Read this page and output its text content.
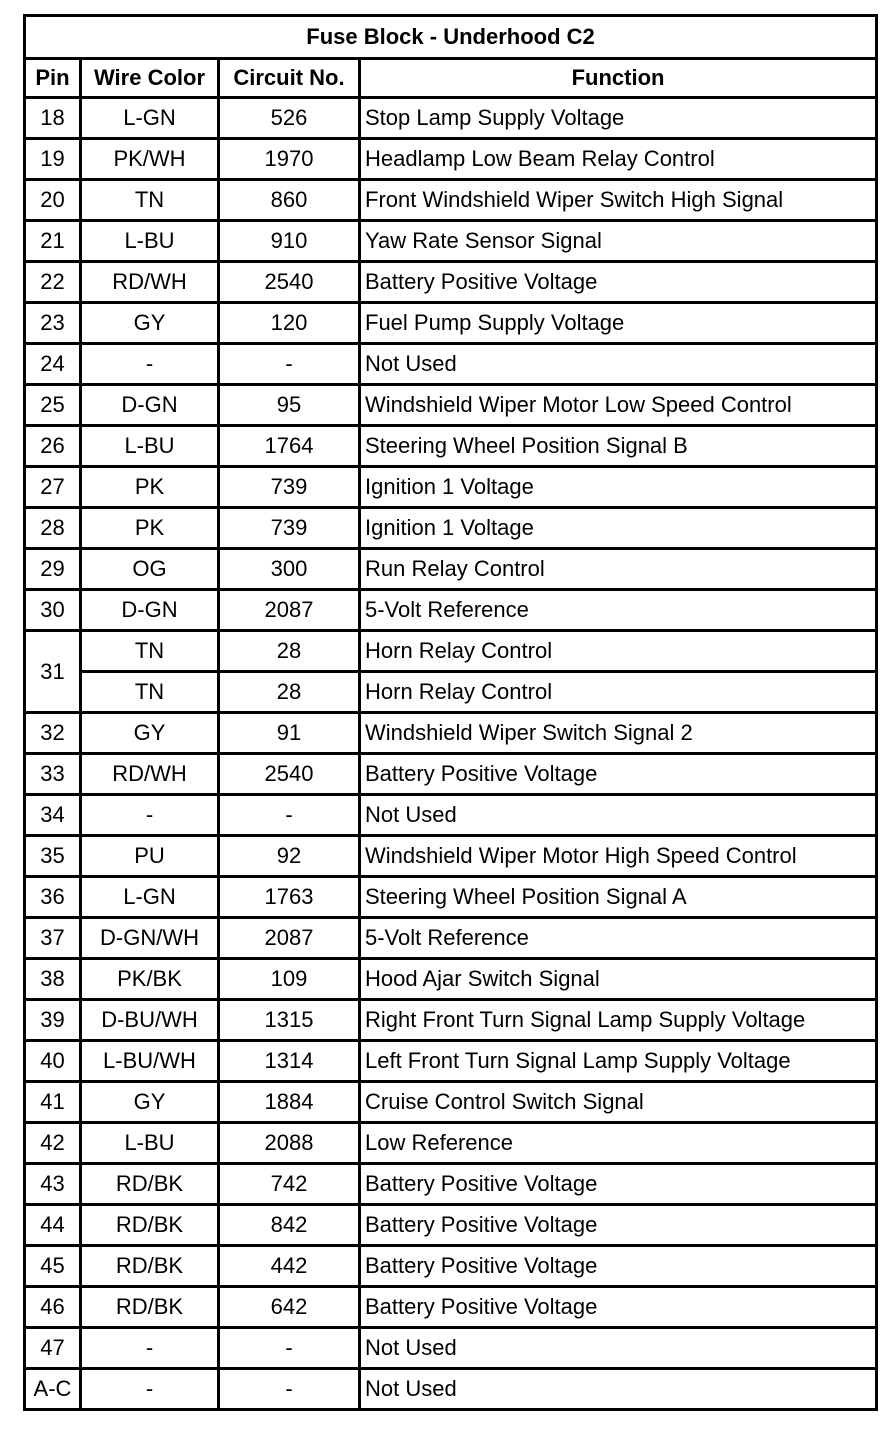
Fuse Block - Underhood C2			
Pin	Wire Color	Circuit No.	Function
18	L-GN	526	Stop Lamp Supply Voltage
19	PK/WH	1970	Headlamp Low Beam Relay Control
20	TN	860	Front Windshield Wiper Switch High Signal
21	L-BU	910	Yaw Rate Sensor Signal
22	RD/WH	2540	Battery Positive Voltage
23	GY	120	Fuel Pump Supply Voltage
24	-	-	Not Used
25	D-GN	95	Windshield Wiper Motor Low Speed Control
26	L-BU	1764	Steering Wheel Position Signal B
27	PK	739	Ignition 1 Voltage
28	PK	739	Ignition 1 Voltage
29	OG	300	Run Relay Control
30	D-GN	2087	5-Volt Reference
31	TN	28	Horn Relay Control
	TN	28	Horn Relay Control
32	GY	91	Windshield Wiper Switch Signal 2
33	RD/WH	2540	Battery Positive Voltage
34	-	-	Not Used
35	PU	92	Windshield Wiper Motor High Speed Control
36	L-GN	1763	Steering Wheel Position Signal A
37	D-GN/WH	2087	5-Volt Reference
38	PK/BK	109	Hood Ajar Switch Signal
39	D-BU/WH	1315	Right Front Turn Signal Lamp Supply Voltage
40	L-BU/WH	1314	Left Front Turn Signal Lamp Supply Voltage
41	GY	1884	Cruise Control Switch Signal
42	L-BU	2088	Low Reference
43	RD/BK	742	Battery Positive Voltage
44	RD/BK	842	Battery Positive Voltage
45	RD/BK	442	Battery Positive Voltage
46	RD/BK	642	Battery Positive Voltage
47	-	-	Not Used
A-C	-	-	Not Used
